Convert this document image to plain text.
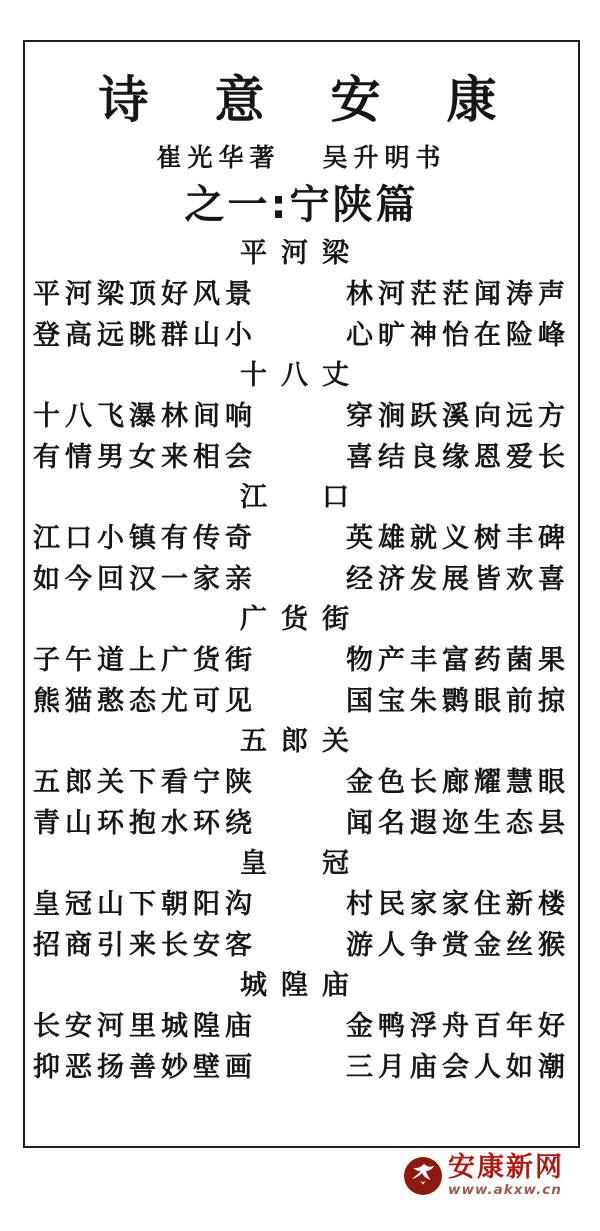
诗　意　安　康
崔光华著 吴升明书
之一:宁陕篇
平河梁
平河梁顶好风景	林河茫茫闻涛声
登高远眺群山小	心旷神怡在险峰
十八丈
十八飞瀑林间响	穿涧跃溪向远方
有情男女来相会	喜结良缘恩爱长
江　口
江口小镇有传奇	英雄就义树丰碑
如今回汉一家亲	经济发展皆欢喜
广货街
子午道上广货街	物产丰富药菌果
熊猫憨态尤可见	国宝朱鹮眼前掠
五郎关
五郎关下看宁陕	金色长廊耀慧眼
青山环抱水环绕	闻名遐迩生态县
皇　冠
皇冠山下朝阳沟	村民家家住新楼
招商引来长安客	游人争赏金丝猴
城隍庙
长安河里城隍庙	金鸭浮舟百年好
抑恶扬善妙壁画	三月庙会人如潮
安康新网
www.akxw.cn
